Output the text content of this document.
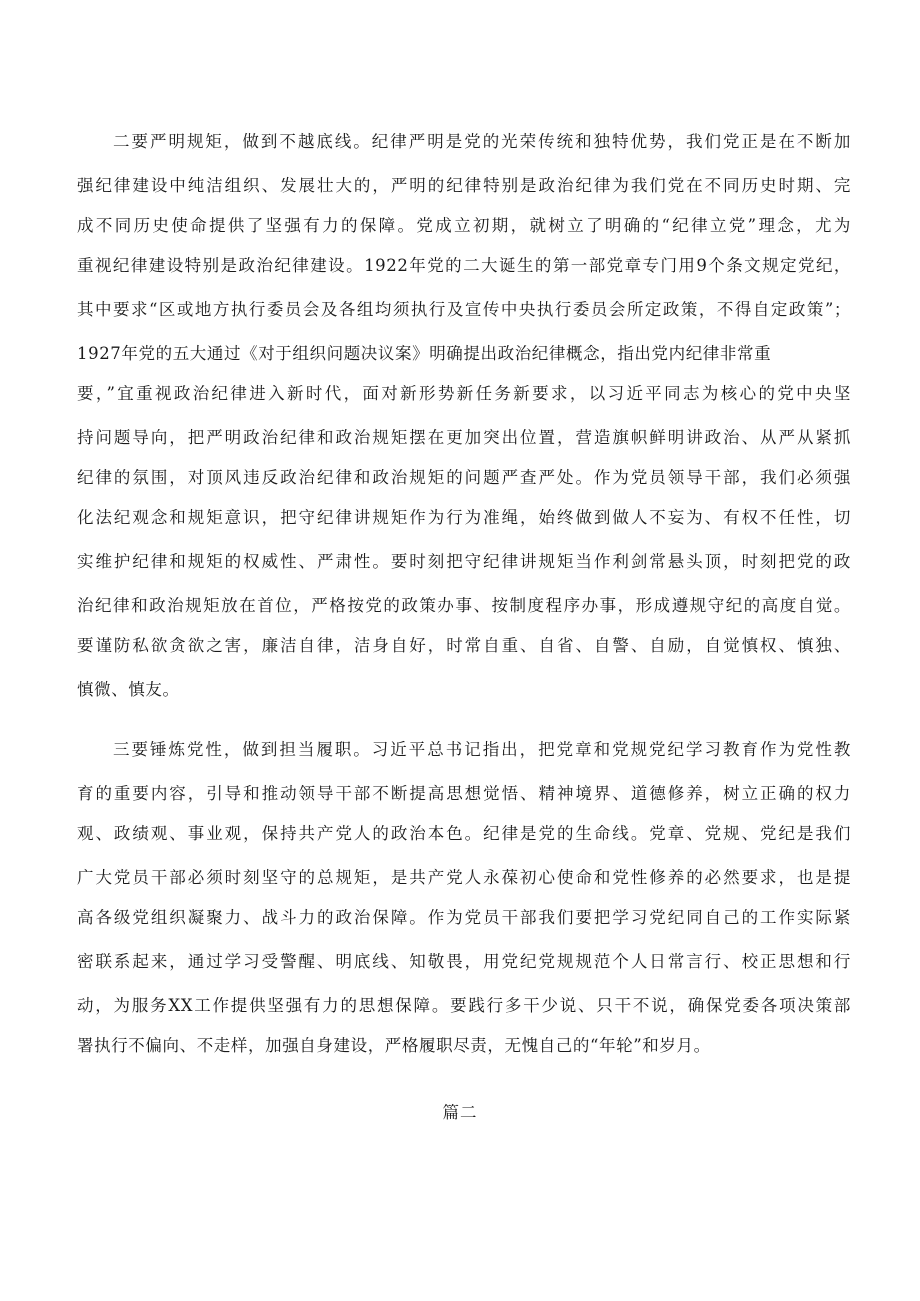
二要严明规矩，做到不越底线。纪律严明是党的光荣传统和独特优势，我们党正是在不断加
强纪律建设中纯洁组织、发展壮大的，严明的纪律特别是政治纪律为我们党在不同历史时期、完
成不同历史使命提供了坚强有力的保障。党成立初期，就树立了明确的“纪律立党”理念，尤为
重视纪律建设特别是政治纪律建设。1922年党的二大诞生的第一部党章专门用9个条文规定党纪，
其中要求“区或地方执行委员会及各组均须执行及宣传中央执行委员会所定政策，不得自定政策”；
1927年党的五大通过《对于组织问题决议案》明确提出政治纪律概念，指出党内纪律非常重
要，”宜重视政治纪律进入新时代，面对新形势新任务新要求，以习近平同志为核心的党中央坚
持问题导向，把严明政治纪律和政治规矩摆在更加突出位置，营造旗帜鲜明讲政治、从严从紧抓
纪律的氛围，对顶风违反政治纪律和政治规矩的问题严查严处。作为党员领导干部，我们必须强
化法纪观念和规矩意识，把守纪律讲规矩作为行为准绳，始终做到做人不妄为、有权不任性，切
实维护纪律和规矩的权威性、严肃性。要时刻把守纪律讲规矩当作利剑常悬头顶，时刻把党的政
治纪律和政治规矩放在首位，严格按党的政策办事、按制度程序办事，形成遵规守纪的高度自觉。
要谨防私欲贪欲之害，廉洁自律，洁身自好，时常自重、自省、自警、自励，自觉慎权、慎独、
慎微、慎友。
三要锤炼党性，做到担当履职。习近平总书记指出，把党章和党规党纪学习教育作为党性教
育的重要内容，引导和推动领导干部不断提高思想觉悟、精神境界、道德修养，树立正确的权力
观、政绩观、事业观，保持共产党人的政治本色。纪律是党的生命线。党章、党规、党纪是我们
广大党员干部必须时刻坚守的总规矩，是共产党人永葆初心使命和党性修养的必然要求，也是提
高各级党组织凝聚力、战斗力的政治保障。作为党员干部我们要把学习党纪同自己的工作实际紧
密联系起来，通过学习受警醒、明底线、知敬畏，用党纪党规规范个人日常言行、校正思想和行
动，为服务XX工作提供坚强有力的思想保障。要践行多干少说、只干不说，确保党委各项决策部
署执行不偏向、不走样，加强自身建设，严格履职尽责，无愧自己的“年轮”和岁月。
篇二
